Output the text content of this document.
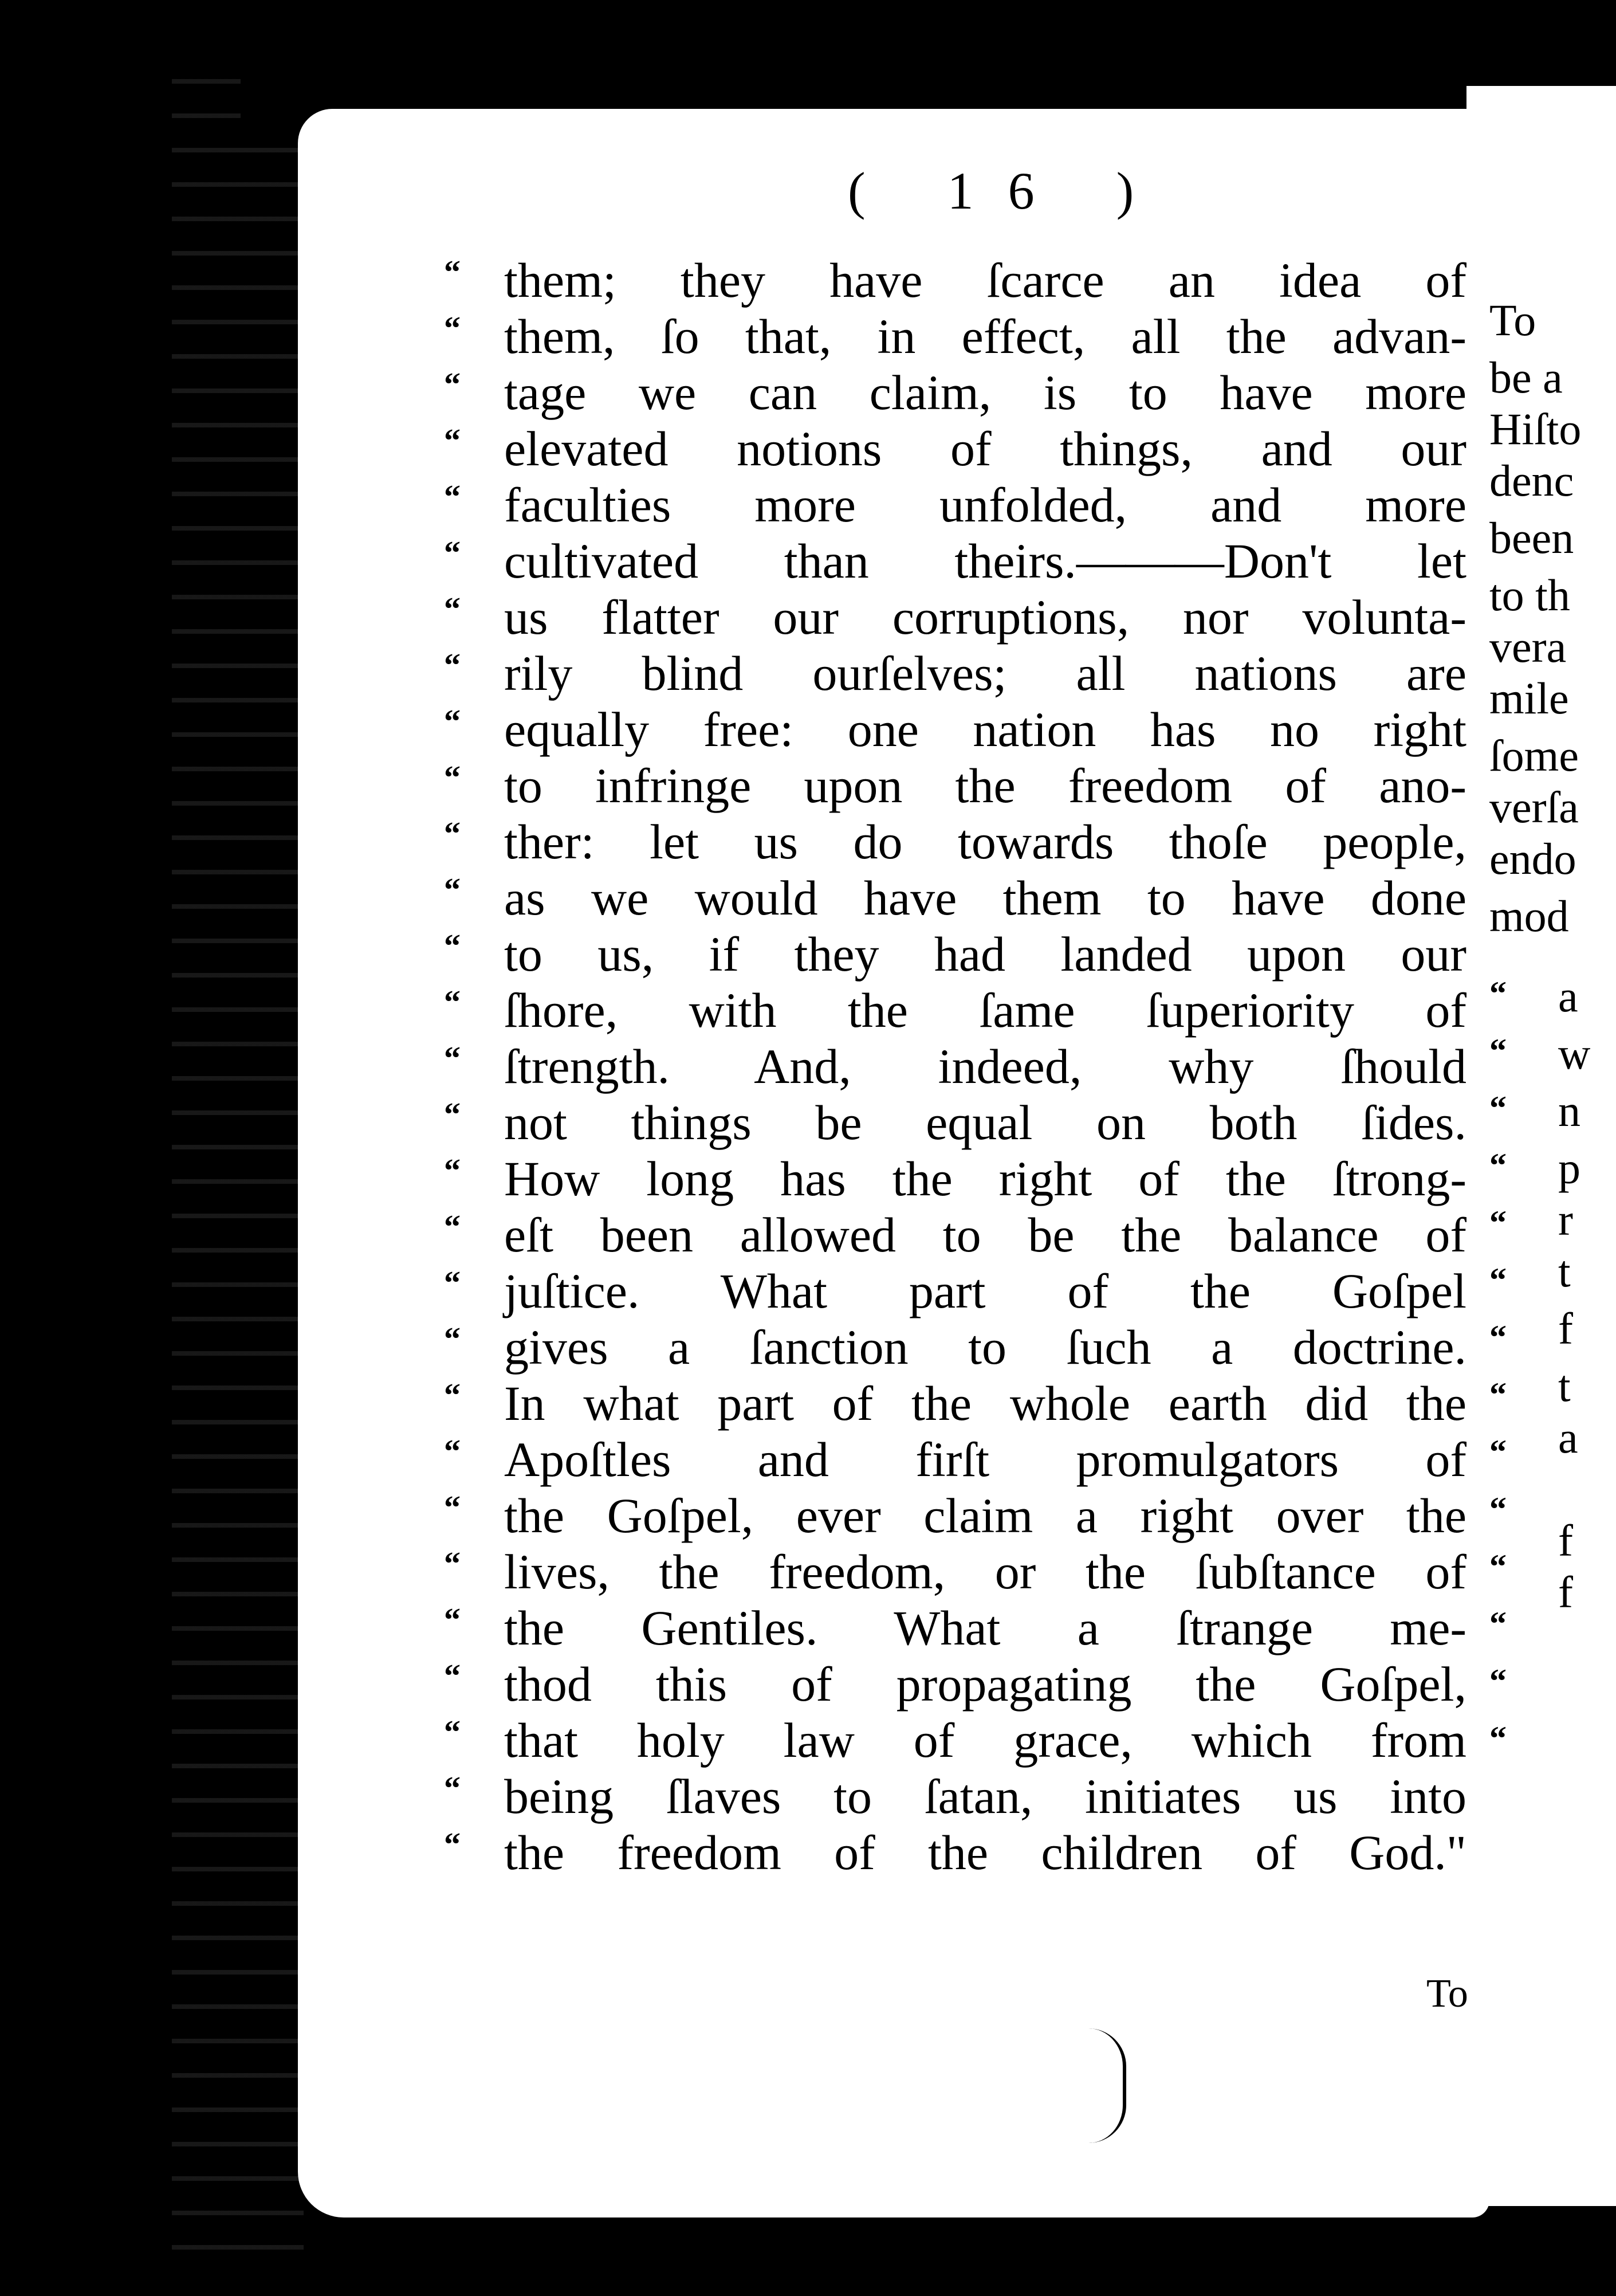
( 16 )
“ them; they have ſcarce an idea of
“ them, ſo that, in effect, all the advan-
“ tage we can claim, is to have more
“ elevated notions of things, and our
“ faculties more unfolded, and more
“ cultivated than theirs.———Don't let
“ us flatter our corruptions, nor volunta-
“ rily blind ourſelves; all nations are
“ equally free: one nation has no right
“ to infringe upon the freedom of ano-
“ ther: let us do towards thoſe people,
“ as we would have them to have done
“ to us, if they had landed upon our
“ ſhore, with the ſame ſuperiority of
“ ſtrength. And, indeed, why ſhould
“ not things be equal on both ſides.
“ How long has the right of the ſtrong-
“ eſt been allowed to be the balance of
“ juſtice. What part of the Goſpel
“ gives a ſanction to ſuch a doctrine.
“ In what part of the whole earth did the
“ Apoſtles and firſt promulgators of
“ the Goſpel, ever claim a right over the
“ lives, the freedom, or the ſubſtance of
“ the Gentiles. What a ſtrange me-
“ thod this of propagating the Goſpel,
“ that holy law of grace, which from
“ being ſlaves to ſatan, initiates us into
“ the freedom of the children of God."
To
be a
Hiſto
denc
been
to th
vera
mile
ſome
verſa
endo
mod
a
w
n
p
r
t
f
t
a
f
f
“
“
“
“
“
“
“
“
“
“
“
“
“
“
To
